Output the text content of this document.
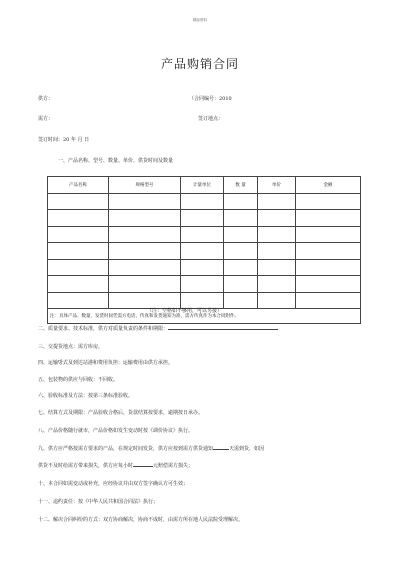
精品资料
产品购销合同
供方：	（合同编号：2010
需方：	签订地点：
签订时间：20 年 月 日
一、产品名称、型号、数量、单价、供货时间及数量
产品名称	规格型号	计量单位	数 量	单价	金额

注：具体产品、数量，发货时间凭需方电话、传真和发货通知为准，需方传真作为本合同附件。					
（注：空格如不够用，可以另接）
二、质量要求、技术标准，供方对质量负责的条件和期限：
三、交提货地点：需方库房。
四、运输방式及到达站港和费用负担：运输费用由供方承担。
五、包装物的供应与回收：不回收。
六、验收标准及方法：按第三条标准验收。
七、结算方式及期限：产品验收合格后，货款结算按要求，逾期按日承办。
八、产品价格随行就市，产品价格如发生变动时按《调价协议》执行。
九、供方应严格按需方要求的产品，在规定时间发货，供方应按到需方供货通知	天需到货，如因
供货不及时给需方带来损失，供方应每小时	元赔偿需方损失；
十、本合同如需变动或补充，应经协议并由双方签字确认方可生效；
十一、违约责任：按《中华人民共和国合同法》执行；
十二、解决合同纠纷的方式：双方协商解决，协商不成时，由需方所在地人民法院受理解决。
